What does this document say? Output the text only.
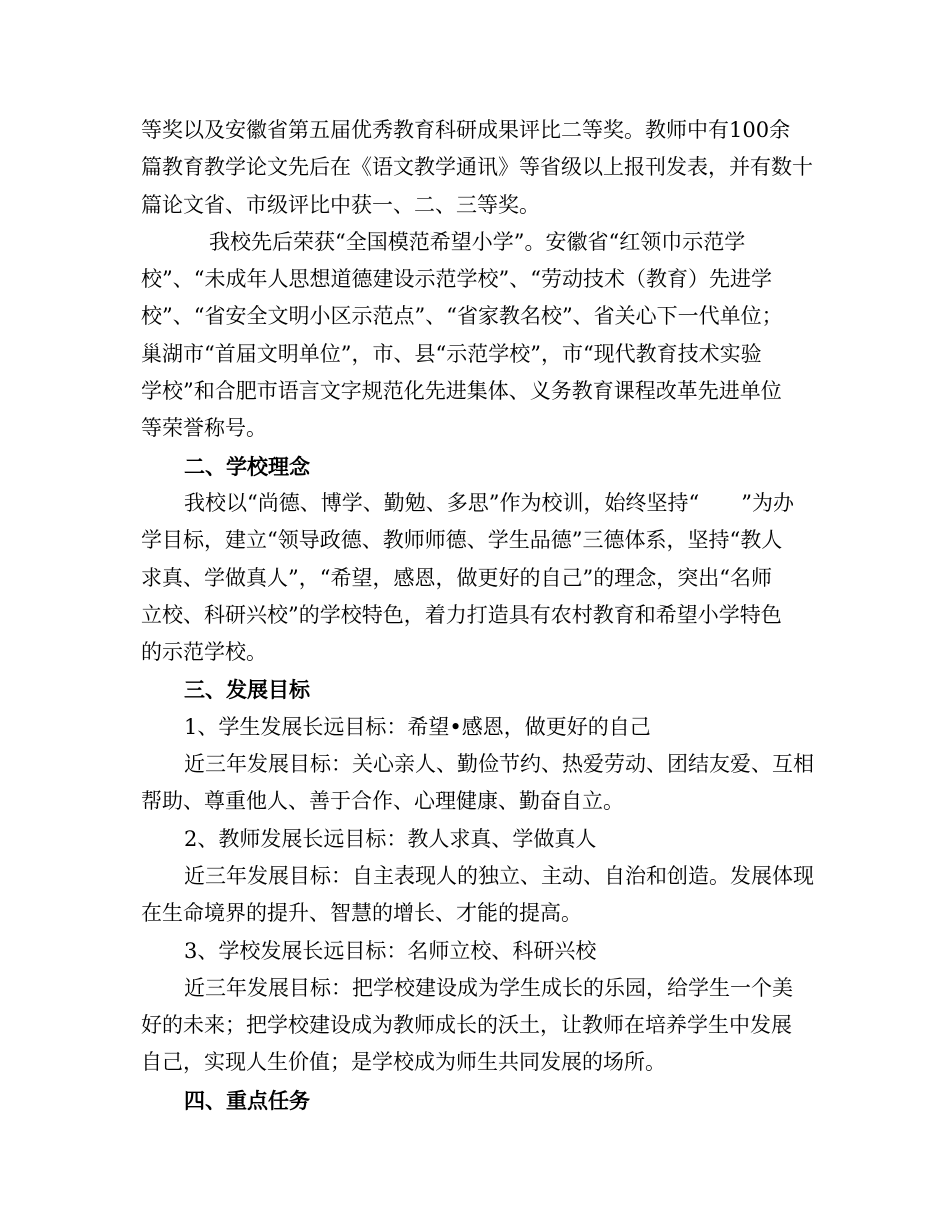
等奖以及安徽省第五届优秀教育科研成果评比二等奖。教师中有100余
篇教育教学论文先后在《语文教学通讯》等省级以上报刊发表，并有数十
篇论文省、市级评比中获一、二、三等奖。
我校先后荣获“全国模范希望小学”。安徽省“红领巾示范学
校”、“未成年人思想道德建设示范学校”、“劳动技术（教育）先进学
校”、“省安全文明小区示范点”、“省家教名校”、省关心下一代单位；
巢湖市“首届文明单位”，市、县“示范学校”，市“现代教育技术实验
学校”和合肥市语言文字规范化先进集体、义务教育课程改革先进单位
等荣誉称号。
二、学校理念
我校以“尚德、博学、勤勉、多思”作为校训，始终坚持“　　”为办
学目标，建立“领导政德、教师师德、学生品德”三德体系，坚持“教人
求真、学做真人”，“希望，感恩，做更好的自己”的理念，突出“名师
立校、科研兴校”的学校特色，着力打造具有农村教育和希望小学特色
的示范学校。
三、发展目标
1、学生发展长远目标：希望•感恩，做更好的自己
近三年发展目标：关心亲人、勤俭节约、热爱劳动、团结友爱、互相
帮助、尊重他人、善于合作、心理健康、勤奋自立。
2、教师发展长远目标：教人求真、学做真人
近三年发展目标：自主表现人的独立、主动、自治和创造。发展体现
在生命境界的提升、智慧的增长、才能的提高。
3、学校发展长远目标：名师立校、科研兴校
近三年发展目标：把学校建设成为学生成长的乐园，给学生一个美
好的未来；把学校建设成为教师成长的沃土，让教师在培养学生中发展
自己，实现人生价值；是学校成为师生共同发展的场所。
四、重点任务
